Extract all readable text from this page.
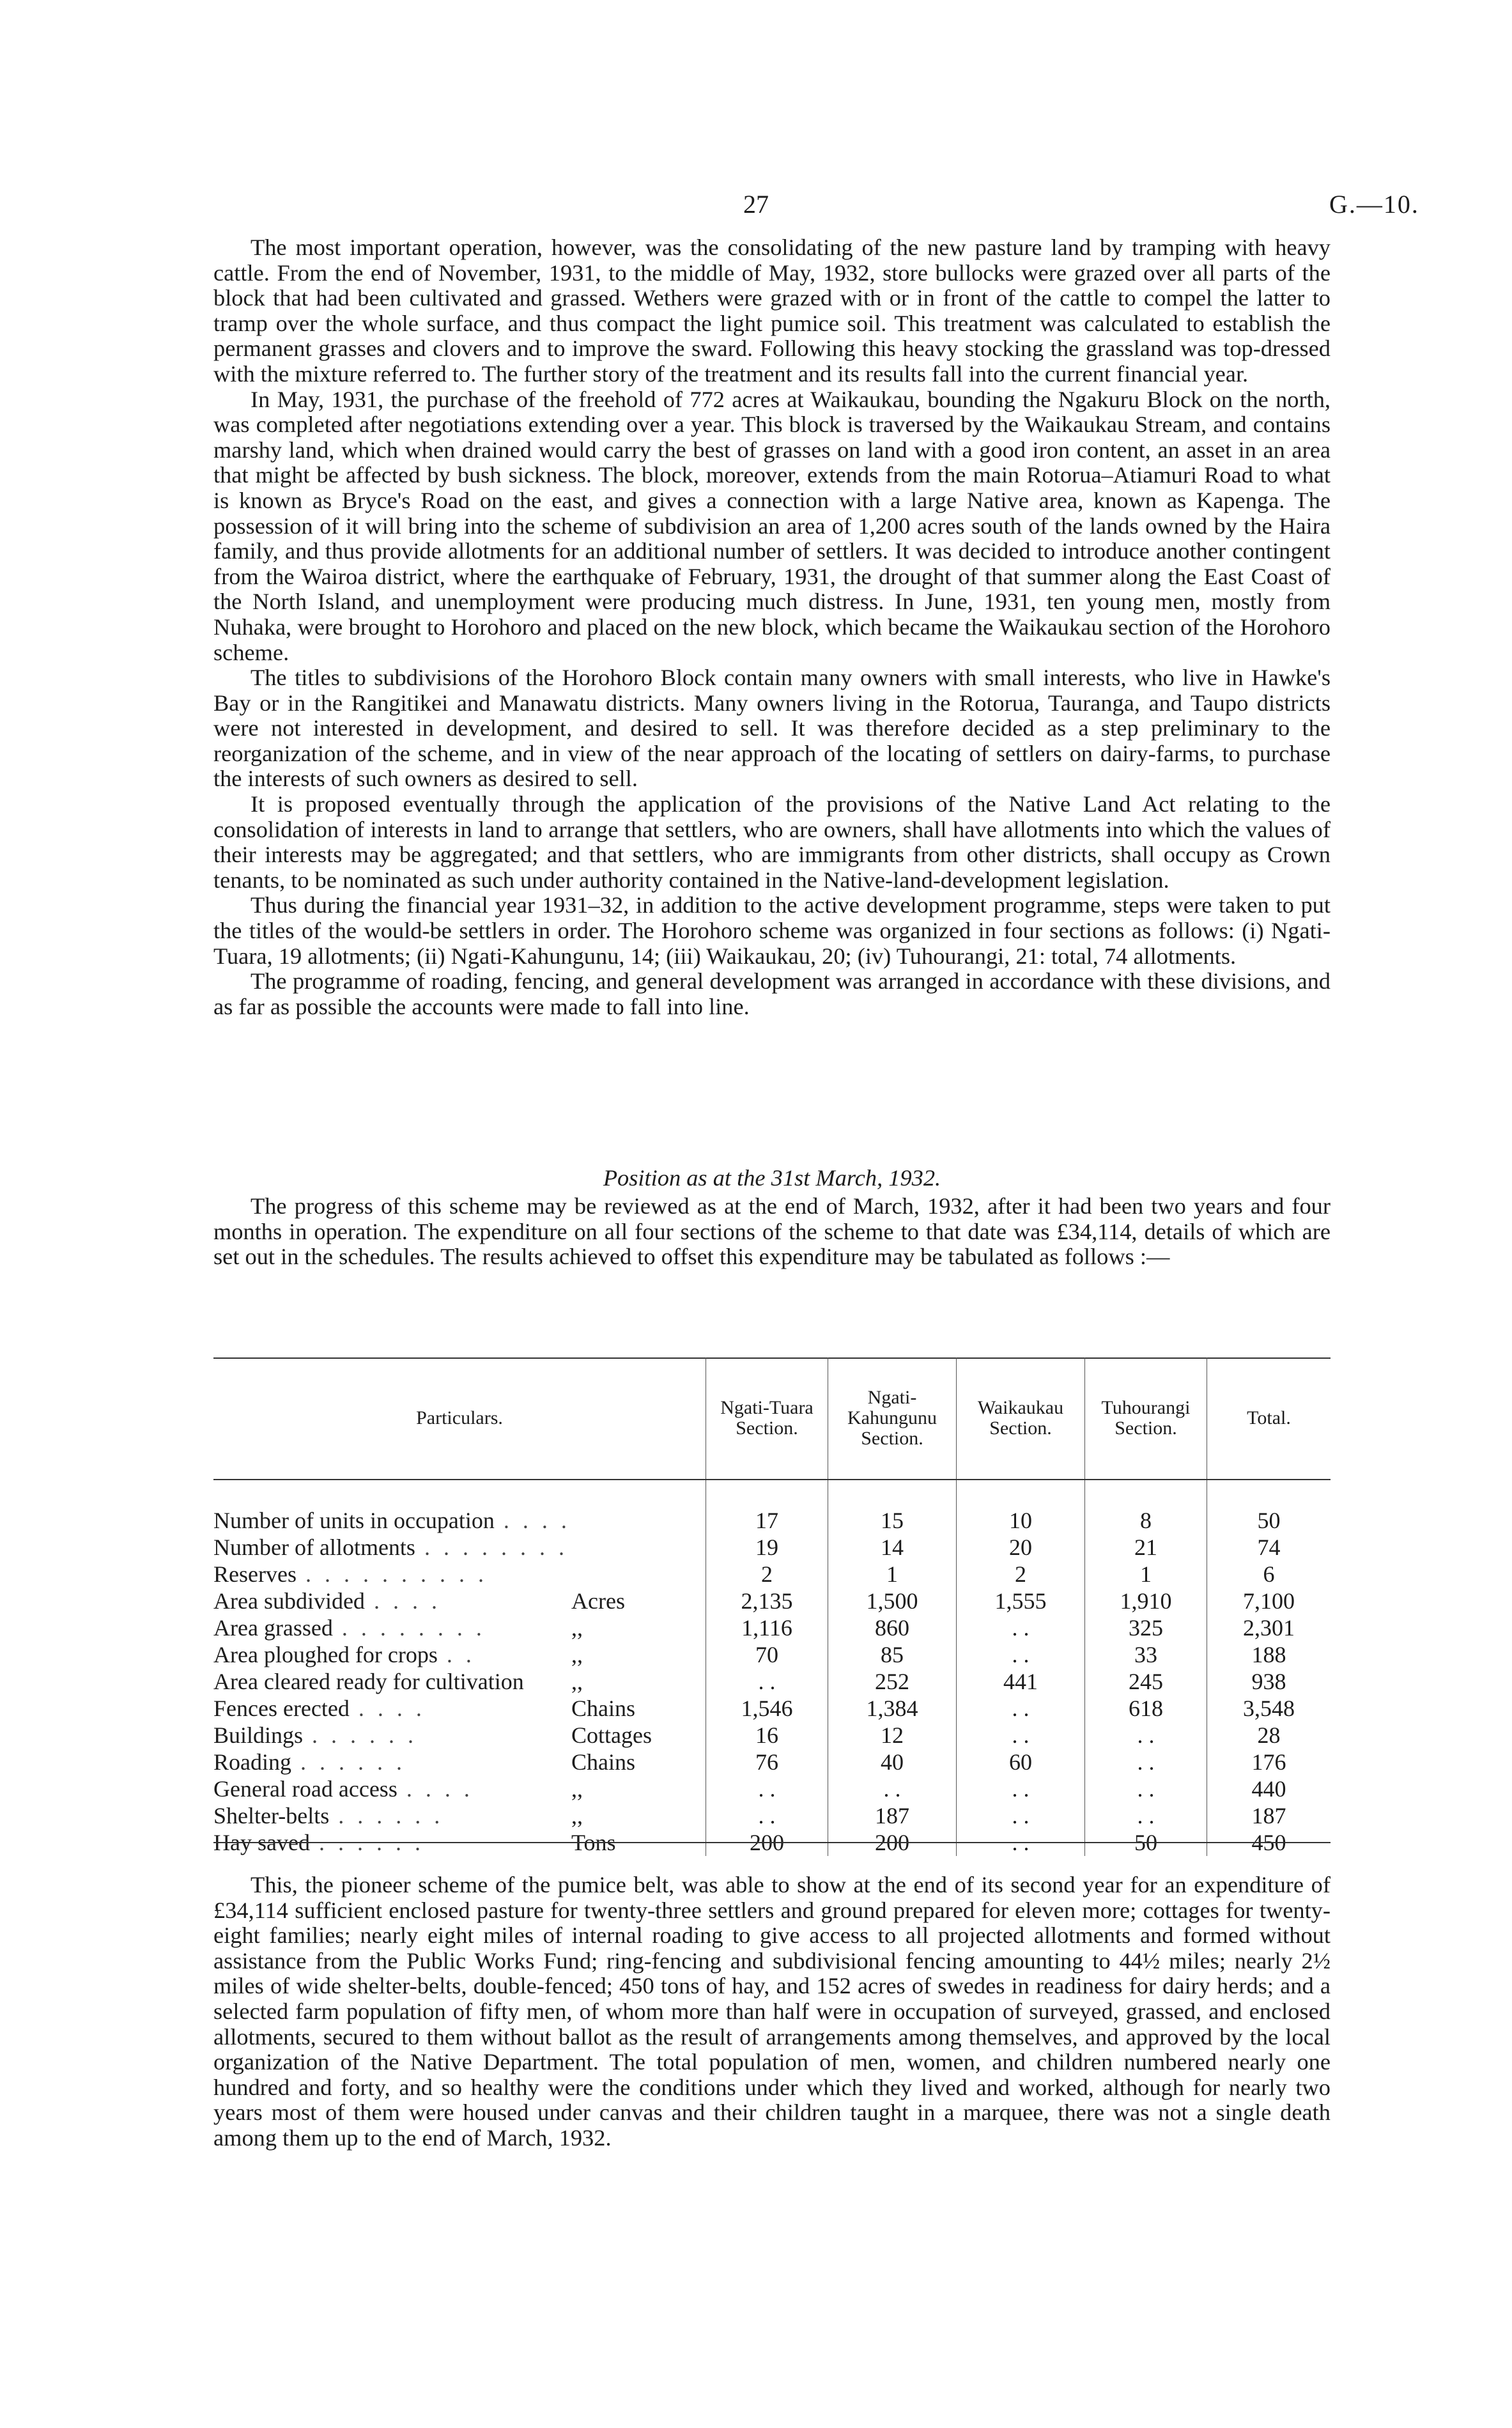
27	G.—10.

The most important operation, however, was the consolidating of the new pasture land by tramping with heavy cattle. From the end of November, 1931, to the middle of May, 1932, store bullocks were grazed over all parts of the block that had been cultivated and grassed. Wethers were grazed with or in front of the cattle to compel the latter to tramp over the whole surface, and thus compact the light pumice soil. This treatment was calculated to establish the permanent grasses and clovers and to improve the sward. Following this heavy stocking the grassland was top-dressed with the mixture referred to. The further story of the treatment and its results fall into the current financial year.

In May, 1931, the purchase of the freehold of 772 acres at Waikaukau, bounding the Ngakuru Block on the north, was completed after negotiations extending over a year. This block is traversed by the Waikaukau Stream, and contains marshy land, which when drained would carry the best of grasses on land with a good iron content, an asset in an area that might be affected by bush sickness. The block, moreover, extends from the main Rotorua–Atiamuri Road to what is known as Bryce's Road on the east, and gives a connection with a large Native area, known as Kapenga. The possession of it will bring into the scheme of subdivision an area of 1,200 acres south of the lands owned by the Haira family, and thus provide allotments for an additional number of settlers. It was decided to introduce another contingent from the Wairoa district, where the earthquake of February, 1931, the drought of that summer along the East Coast of the North Island, and unemployment were producing much distress. In June, 1931, ten young men, mostly from Nuhaka, were brought to Horohoro and placed on the new block, which became the Waikaukau section of the Horohoro scheme.

The titles to subdivisions of the Horohoro Block contain many owners with small interests, who live in Hawke's Bay or in the Rangitikei and Manawatu districts. Many owners living in the Rotorua, Tauranga, and Taupo districts were not interested in development, and desired to sell. It was therefore decided as a step preliminary to the reorganization of the scheme, and in view of the near approach of the locating of settlers on dairy-farms, to purchase the interests of such owners as desired to sell.

It is proposed eventually through the application of the provisions of the Native Land Act relating to the consolidation of interests in land to arrange that settlers, who are owners, shall have allotments into which the values of their interests may be aggregated; and that settlers, who are immigrants from other districts, shall occupy as Crown tenants, to be nominated as such under authority contained in the Native-land-development legislation.

Thus during the financial year 1931–32, in addition to the active development programme, steps were taken to put the titles of the would-be settlers in order. The Horohoro scheme was organized in four sections as follows: (i) Ngati-Tuara, 19 allotments; (ii) Ngati-Kahungunu, 14; (iii) Waikaukau, 20; (iv) Tuhourangi, 21: total, 74 allotments.

The programme of roading, fencing, and general development was arranged in accordance with these divisions, and as far as possible the accounts were made to fall into line.

Position as at the 31st March, 1932.

The progress of this scheme may be reviewed as at the end of March, 1932, after it had been two years and four months in operation. The expenditure on all four sections of the scheme to that date was £34,114, details of which are set out in the schedules. The results achieved to offset this expenditure may be tabulated as follows :—

Particulars.	Ngati-Tuara Section.	Ngati-Kahungunu Section.	Waikaukau Section.	Tuhourangi Section.	Total.

Number of units in occupation . . . .	17	15	10	8	50
Number of allotments . . . . . . . .	19	14	20	21	74
Reserves . . . . . . . . . .	2	1	2	1	6
Area subdivided . . . . Acres	2,135	1,500	1,555	1,910	7,100
Area grassed . . . . . . . . ,,	1,116	860	. .	325	2,301
Area ploughed for crops . . ,,	70	85	. .	33	188
Area cleared ready for cultivation ,,	. .	252	441	245	938
Fences erected . . . . Chains	1,546	1,384	. .	618	3,548
Buildings . . . . . . Cottages	16	12	. .	. .	28
Roading . . . . . . Chains	76	40	60	. .	176
General road access . . . . ,,	. .	. .	. .	. .	440
Shelter-belts . . . . . . ,,	. .	187	. .	. .	187
Hay saved . . . . . . Tons	200	200	. .	50	450

This, the pioneer scheme of the pumice belt, was able to show at the end of its second year for an expenditure of £34,114 sufficient enclosed pasture for twenty-three settlers and ground prepared for eleven more; cottages for twenty-eight families; nearly eight miles of internal roading to give access to all projected allotments and formed without assistance from the Public Works Fund; ring-fencing and subdivisional fencing amounting to 44½ miles; nearly 2½ miles of wide shelter-belts, double-fenced; 450 tons of hay, and 152 acres of swedes in readiness for dairy herds; and a selected farm population of fifty men, of whom more than half were in occupation of surveyed, grassed, and enclosed allotments, secured to them without ballot as the result of arrangements among themselves, and approved by the local organization of the Native Department. The total population of men, women, and children numbered nearly one hundred and forty, and so healthy were the conditions under which they lived and worked, although for nearly two years most of them were housed under canvas and their children taught in a marquee, there was not a single death among them up to the end of March, 1932.
